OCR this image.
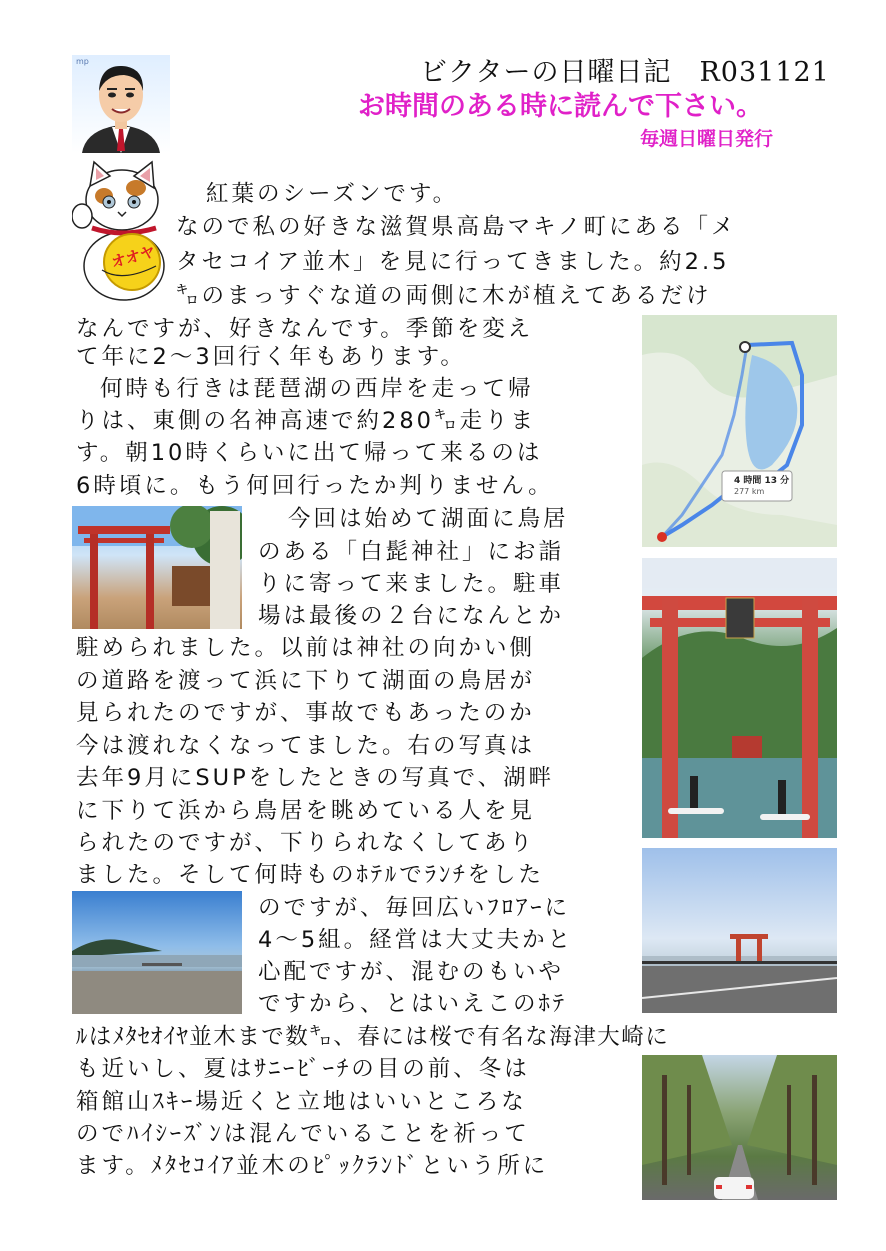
ビクターの日曜日記　R031121
お時間のある時に読んで下さい。
毎週日曜日発行
mp
オオヤ
4 時間 13 分
277 km
紅葉のシーズンです。
なので私の好きな滋賀県高島マキノ町にある「メ
タセコイア並木」を見に行ってきました。約2.5
㌔のまっすぐな道の両側に木が植えてあるだけ
なんですが、好きなんです。季節を変え
て年に2～3回行く年もあります。
何時も行きは琵琶湖の西岸を走って帰
りは、東側の名神高速で約280㌔走りま
す。朝10時くらいに出て帰って来るのは
6時頃に。もう何回行ったか判りません。
今回は始めて湖面に鳥居
のある「白髭神社」にお詣
りに寄って来ました。駐車
場は最後の２台になんとか
駐められました。以前は神社の向かい側
の道路を渡って浜に下りて湖面の鳥居が
見られたのですが、事故でもあったのか
今は渡れなくなってました。右の写真は
去年9月にSUPをしたときの写真で、湖畔
に下りて浜から鳥居を眺めている人を見
られたのですが、下りられなくしてあり
ました。そして何時ものﾎﾃﾙでﾗﾝﾁをした
のですが、毎回広いﾌﾛｱｰに
4～5組。経営は大丈夫かと
心配ですが、混むのもいや
ですから、とはいえこのﾎﾃ
ﾙはﾒﾀｾｵｲﾔ並木まで数㌔、春には桜で有名な海津大崎に
も近いし、夏はｻﾆｰﾋﾞｰﾁの目の前、冬は
箱館山ｽｷｰ場近くと立地はいいところな
のでﾊｲｼｰｽﾞﾝは混んでいることを祈って
ます。ﾒﾀｾｺｲｱ並木のﾋﾟｯｸﾗﾝﾄﾞという所に
